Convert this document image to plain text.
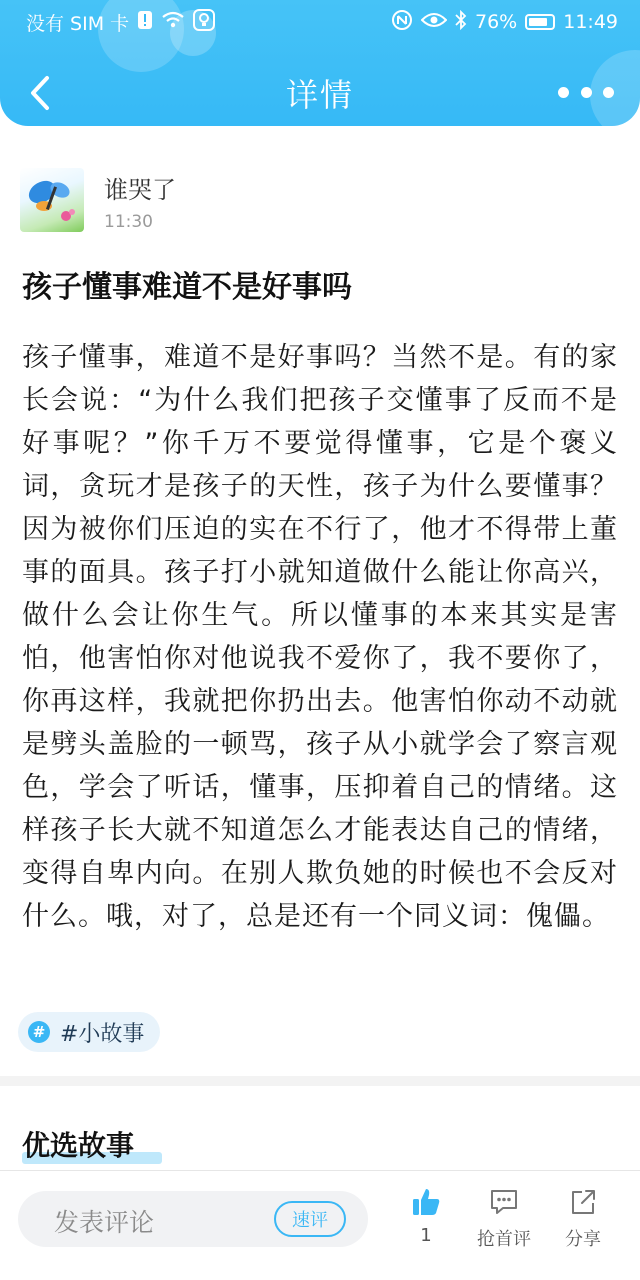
没有 SIM 卡	76% 11:49
详情
谁哭了
11:30
孩子懂事难道不是好事吗
孩子懂事，难道不是好事吗？当然不是。有的家长会说：“为什么我们把孩子交懂事了反而不是好事呢？”你千万不要觉得懂事，它是个褒义词，贪玩才是孩子的天性，孩子为什么要懂事？因为被你们压迫的实在不行了，他才不得带上董事的面具。孩子打小就知道做什么能让你高兴，做什么会让你生气。所以懂事的本来其实是害怕，他害怕你对他说我不爱你了，我不要你了，你再这样，我就把你扔出去。他害怕你动不动就是劈头盖脸的一顿骂，孩子从小就学会了察言观色，学会了听话，懂事，压抑着自己的情绪。这样孩子长大就不知道怎么才能表达自己的情绪，变得自卑内向。在别人欺负她的时候也不会反对什么。哦，对了，总是还有一个同义词：傀儡。
# #小故事
优选故事
发表评论	速评
1	抢首评	分享
